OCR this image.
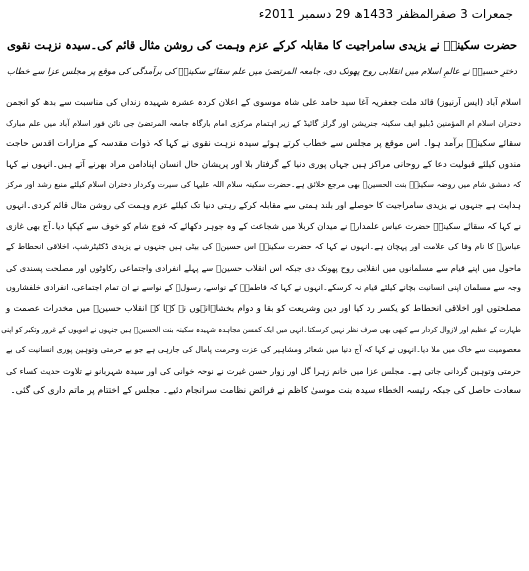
جمعرات 3 صفرالمظفر 1433ھ 29 دسمبر 2011ء
حضرت سکینہؑ نے یزیدی سامراجیت کا مقابلہ کرکے عزم وہمت کی روشن مثال قائم کی۔سیدہ نزہت نقوی
دخترِ حسینؑ نے عالمِ اسلام میں انقلابی روح پھونک دی، جامعہ المرتضیٰ میں علم سقائے سکینہؑ کی برآمدگی کی موقع پر مجلس عزا سے خطاب
اسلام آباد (ایس آرنیوز) قائد ملت جعفریہ آغا سید حامد علی شاہ موسوی کے اعلان کردہ عشرہ شہیدہ زنداں کی مناسبت سے بدھ کو انجمن
دختران اسلام ام المؤمنین ڈبلیو ایف سکینہ جنریشن اور گرلز گائیڈ کے زیر اہتمام مرکزی امام بارگاہ جامعہ المرتضیٰ جی نائن فور اسلام آباد میں علم مبارک
سقائے سکینہؑ برآمد ہوا۔ اس موقع پر مجلس سے خطاب کرتے ہوئے سیدہ نزہت نقوی نے کہا کہ ذوات مقدسہ کے مزارات اقدس حاجت
مندوں کیلئے قبولیت دعا کے روحانی مراکز ہیں جہاں پوری دنیا کے گرفتار بلا اور پریشان حال انسان اپنادامن مراد بھرنے آتے ہیں۔انہوں نے کہا
کہ دمشق شام میں روضہ سکینہؑ بنت الحسینؑ بھی مرجع خلائق ہے۔حضرت سکینہ سلام اللہ علیہا کی سیرت وکردار دختران اسلام کیلئے منبع رشد اور مرکز
ہدایت ہے جنہوں نے یزیدی سامراجیت کا حوصلے اور بلند ہمتی سے مقابلہ کرکے رہتی دنیا تک کیلئے عزم وہمت کی روشن مثال قائم کردی۔انہوں
نے کہا کہ سقائے سکینہؑ حضرت عباس علمدارؑ نے میدان کربلا میں شجاعت کے وہ جوہر دکھائے کہ فوج شام کو خوف سے کپکپا دیا۔آج بھی غازی
عباسؑ کا نام وفا کی علامت اور پہچان ہے۔انہوں نے کہا کہ حضرت سکینہؑ اس حسینؑ کی بیٹی ہیں جنہوں نے یزیدی ڈکٹیٹرشپ، اخلاقی انحطاط کے
ماحول میں اپنے قیام سے مسلمانوں میں انقلابی روح پھونک دی جبکہ اس انقلاب حسینؑ سے پہلے انفرادی واجتماعی رکاوٹوں اور مصلحت پسندی کی
وجہ سے مسلمان اپنی انسانیت بچانے کیلئے قیام نہ کرسکے۔انہوں نے کہا کہ فاطمہؑ کے نواسے، رسولؐ کے نواسے نے ان تمام اجتماعی، انفرادی خلفشاروں
مصلحتوں اور اخلاقی انحطاط کو یکسر رد کیا اور دین وشریعت کو بقا و دوام بخشا۔انہوں نے کہا کہ انقلاب حسینؑ میں مخدرات عصمت و
طہارت کے عظیم اور لازوال کردار سے کبھی بھی صرف نظر نہیں کرسکتا۔انہی میں ایک کمسن مجاہدہ شہیدہ سکینہ بنت الحسینؑ ہیں جنہوں نے امویوں کے غرور وتکبر کو اپنی
معصومیت سے خاک میں ملا دیا۔انہوں نے کہا کہ آج دنیا میں شعائر ومشاہیر کی عزت وحرمت پامال کی جارہی ہے جو بے حرمتی وتوہین پوری انسانیت کی بے
حرمتی وتوہین گردانی جاتی ہے۔ مجلس عزا میں خانم زہرا گل اور زوار حسن غیرت نے نوحہ خوانی کی اور سیدہ شہربانو نے تلاوت حدیث کساء کی
سعادت حاصل کی جبکہ رئیسہ الخطاء سیدہ بنت موسیٰ کاظم نے فرائض نظامت سرانجام دئیے۔ مجلس کے اختتام پر ماتم داری کی گئی۔
